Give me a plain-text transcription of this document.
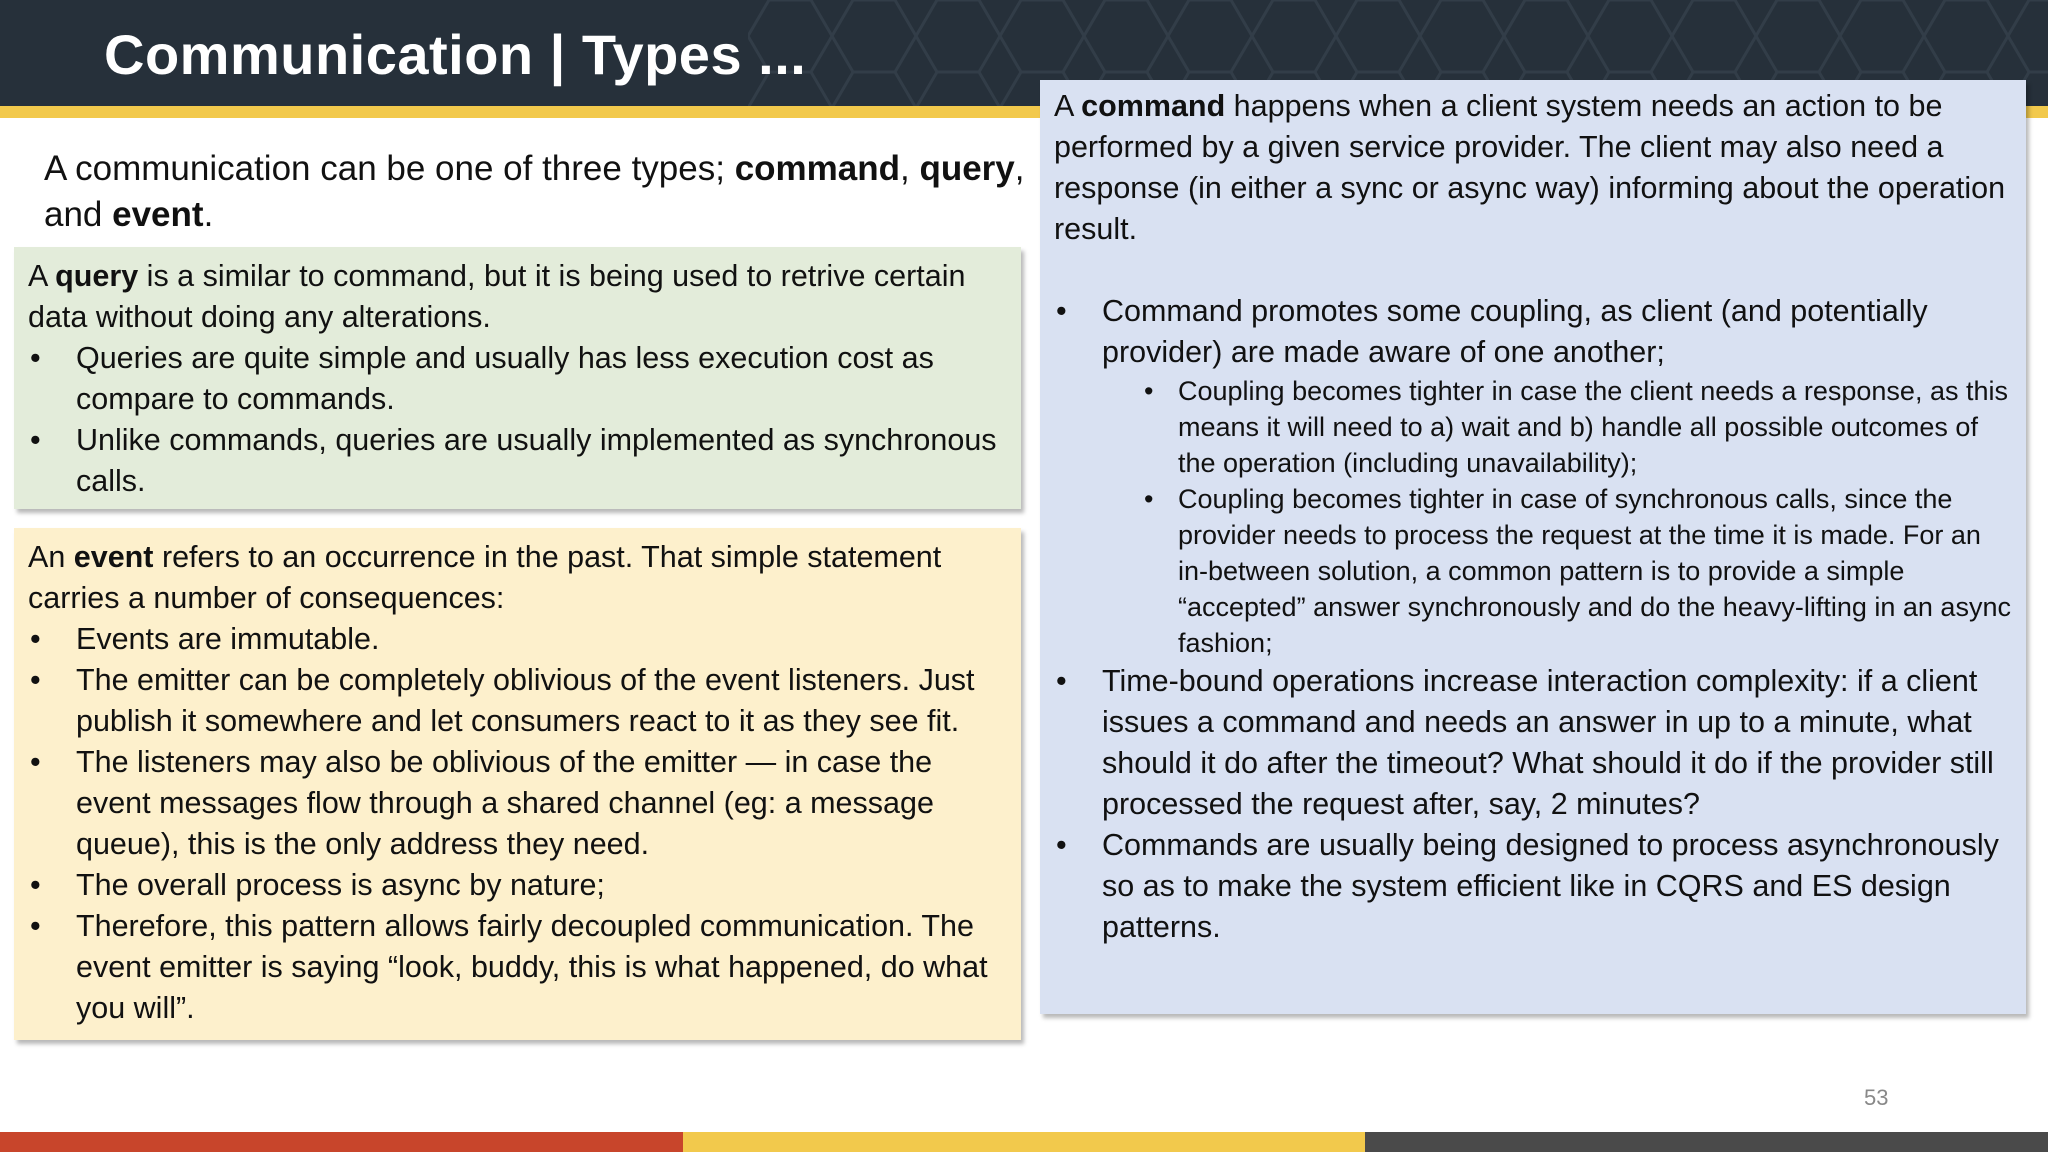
Communication | Types ...
A communication can be one of three types; command, query, and event.
A query is a similar to command, but it is being used to retrive certain data without doing any alterations.
• Queries are quite simple and usually has less execution cost as compare to commands.
• Unlike commands, queries are usually implemented as synchronous calls.
An event refers to an occurrence in the past. That simple statement carries a number of consequences:
• Events are immutable.
• The emitter can be completely oblivious of the event listeners. Just publish it somewhere and let consumers react to it as they see fit.
• The listeners may also be oblivious of the emitter — in case the event messages flow through a shared channel (eg: a message queue), this is the only address they need.
• The overall process is async by nature;
• Therefore, this pattern allows fairly decoupled communication. The event emitter is saying “look, buddy, this is what happened, do what you will”.
A command happens when a client system needs an action to be performed by a given service provider. The client may also need a response (in either a sync or async way) informing about the operation result.
• Command promotes some coupling, as client (and potentially provider) are made aware of one another;
• Coupling becomes tighter in case the client needs a response, as this means it will need to a) wait and b) handle all possible outcomes of the operation (including unavailability);
• Coupling becomes tighter in case of synchronous calls, since the provider needs to process the request at the time it is made. For an in-between solution, a common pattern is to provide a simple “accepted” answer synchronously and do the heavy-lifting in an async fashion;
• Time-bound operations increase interaction complexity: if a client issues a command and needs an answer in up to a minute, what should it do after the timeout? What should it do if the provider still processed the request after, say, 2 minutes?
• Commands are usually being designed to process asynchronously so as to make the system efficient like in CQRS and ES design patterns.
53
